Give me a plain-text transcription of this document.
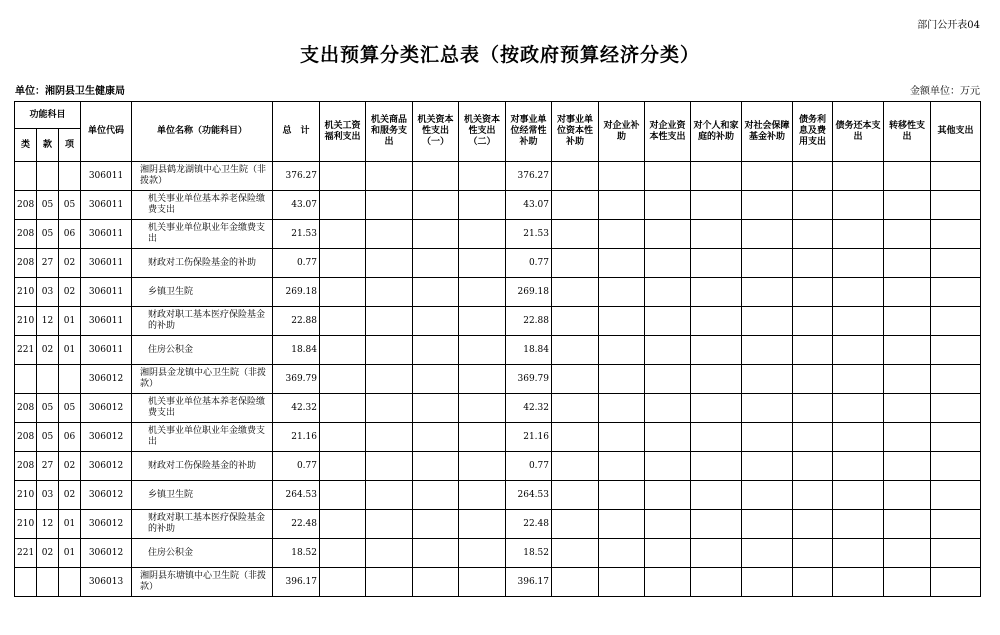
部门公开表04
支出预算分类汇总表（按政府预算经济分类）
单位：湘阴县卫生健康局	金额单位：万元
功能科目			单位代码	单位名称（功能科目）	总　计	机关工资福利支出	机关商品和服务支出	机关资本性支出（一）	机关资本性支出（二）	对事业单位经常性补助	对事业单位资本性补助	对企业补助	对企业资本性支出	对个人和家庭的补助	对社会保障基金补助	债务利息及费用支出	债务还本支出	转移性支出	其他支出
类	款	项																	
			306011	湘阴县鹤龙湖镇中心卫生院（非拨款）	376.27					376.27									
208	05	05	306011	机关事业单位基本养老保险缴费支出	43.07					43.07									
208	05	06	306011	机关事业单位职业年金缴费支出	21.53					21.53									
208	27	02	306011	财政对工伤保险基金的补助	0.77					0.77									
210	03	02	306011	乡镇卫生院	269.18					269.18									
210	12	01	306011	财政对职工基本医疗保险基金的补助	22.88					22.88									
221	02	01	306011	住房公积金	18.84					18.84									
			306012	湘阴县金龙镇中心卫生院（非拨款）	369.79					369.79									
208	05	05	306012	机关事业单位基本养老保险缴费支出	42.32					42.32									
208	05	06	306012	机关事业单位职业年金缴费支出	21.16					21.16									
208	27	02	306012	财政对工伤保险基金的补助	0.77					0.77									
210	03	02	306012	乡镇卫生院	264.53					264.53									
210	12	01	306012	财政对职工基本医疗保险基金的补助	22.48					22.48									
221	02	01	306012	住房公积金	18.52					18.52									
			306013	湘阴县东塘镇中心卫生院（非拨款）	396.17					396.17									
